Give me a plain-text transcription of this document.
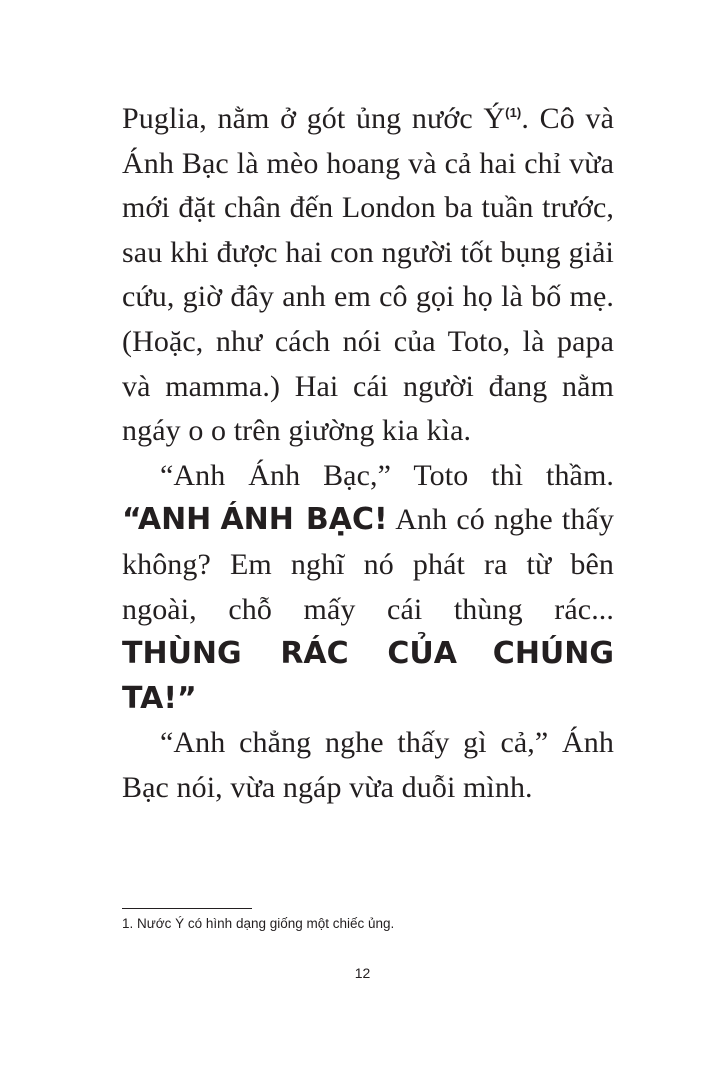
Puglia, nằm ở gót ủng nước Ý$^{(1)}$. Cô và Ánh Bạc là mèo hoang và cả hai chỉ vừa mới đặt chân đến London ba tuần trước, sau khi được hai con người tốt bụng giải cứu, giờ đây anh em cô gọi họ là bố mẹ. (Hoặc, như cách nói của Toto, là papa và mamma.) Hai cái người đang nằm ngáy o o trên giường kia kìa.

“Anh Ánh Bạc,” Toto thì thầm. “ANH ÁNH BẠC! Anh có nghe thấy không? Em nghĩ nó phát ra từ bên ngoài, chỗ mấy cái thùng rác... THÙNG RÁC CỦA CHÚNG TA!”

“Anh chẳng nghe thấy gì cả,” Ánh Bạc nói, vừa ngáp vừa duỗi mình.

1. Nước Ý có hình dạng giống một chiếc ủng.
12
